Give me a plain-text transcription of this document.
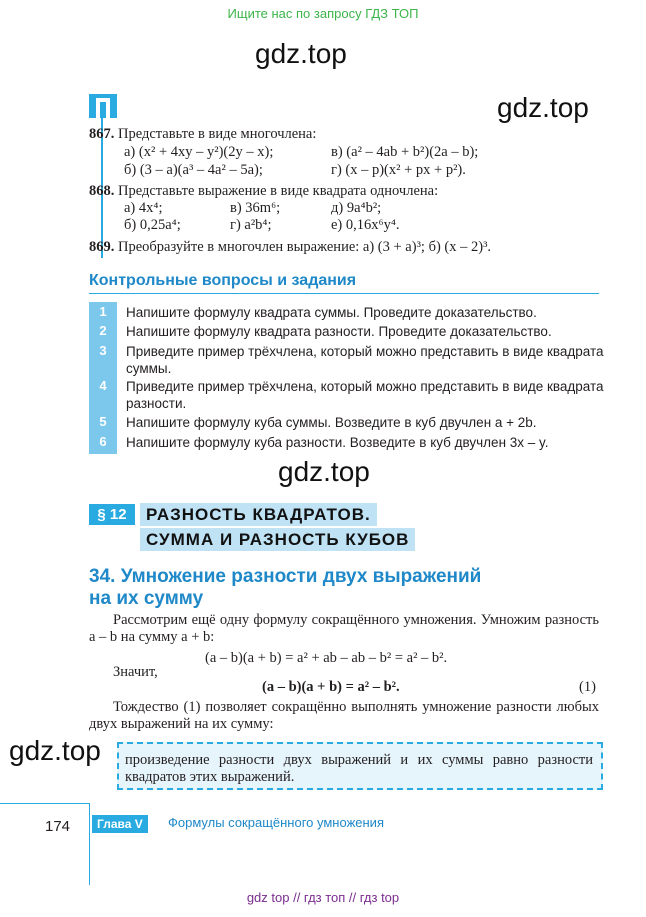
Ищите нас по запросу ГДЗ ТОП
gdz.top
gdz.top
867. Представьте в виде многочлена:
а) (x² + 4xy – y²)(2y – x);	в) (a² – 4ab + b²)(2a – b);
б) (3 – a)(a³ – 4a² – 5a);	г) (x – p)(x² + px + p²).
868. Представьте выражение в виде квадрата одночлена:
а) 4x⁴;	в) 36m⁶;	д) 9a⁴b²;
б) 0,25a⁴;	г) a²b⁴;	е) 0,16x⁶y⁴.
869. Преобразуйте в многочлен выражение: а) (3 + a)³; б) (x – 2)³.
Контрольные вопросы и задания
1	Напишите формулу квадрата суммы. Проведите доказательство.
2	Напишите формулу квадрата разности. Проведите доказательство.
3	Приведите пример трёхчлена, который можно представить в виде квадрата суммы.
4	Приведите пример трёхчлена, который можно представить в виде квадрата разности.
5	Напишите формулу куба суммы. Возведите в куб двучлен a + 2b.
6	Напишите формулу куба разности. Возведите в куб двучлен 3x – y.
gdz.top
§ 12	РАЗНОСТЬ КВАДРАТОВ.
СУММА И РАЗНОСТЬ КУБОВ
34. Умножение разности двух выражений
на их сумму
Рассмотрим ещё одну формулу сокращённого умножения. Умножим разность a – b на сумму a + b:
(a – b)(a + b) = a² + ab – ab – b² = a² – b².
Значит,
(a – b)(a + b) = a² – b².	(1)
Тождество (1) позволяет сокращённо выполнять умножение разности любых двух выражений на их сумму:
gdz.top произведение разности двух выражений и их суммы равно разности квадратов этих выражений.
174	Глава V	Формулы сокращённого умножения
gdz top // гдз топ // гдз top
